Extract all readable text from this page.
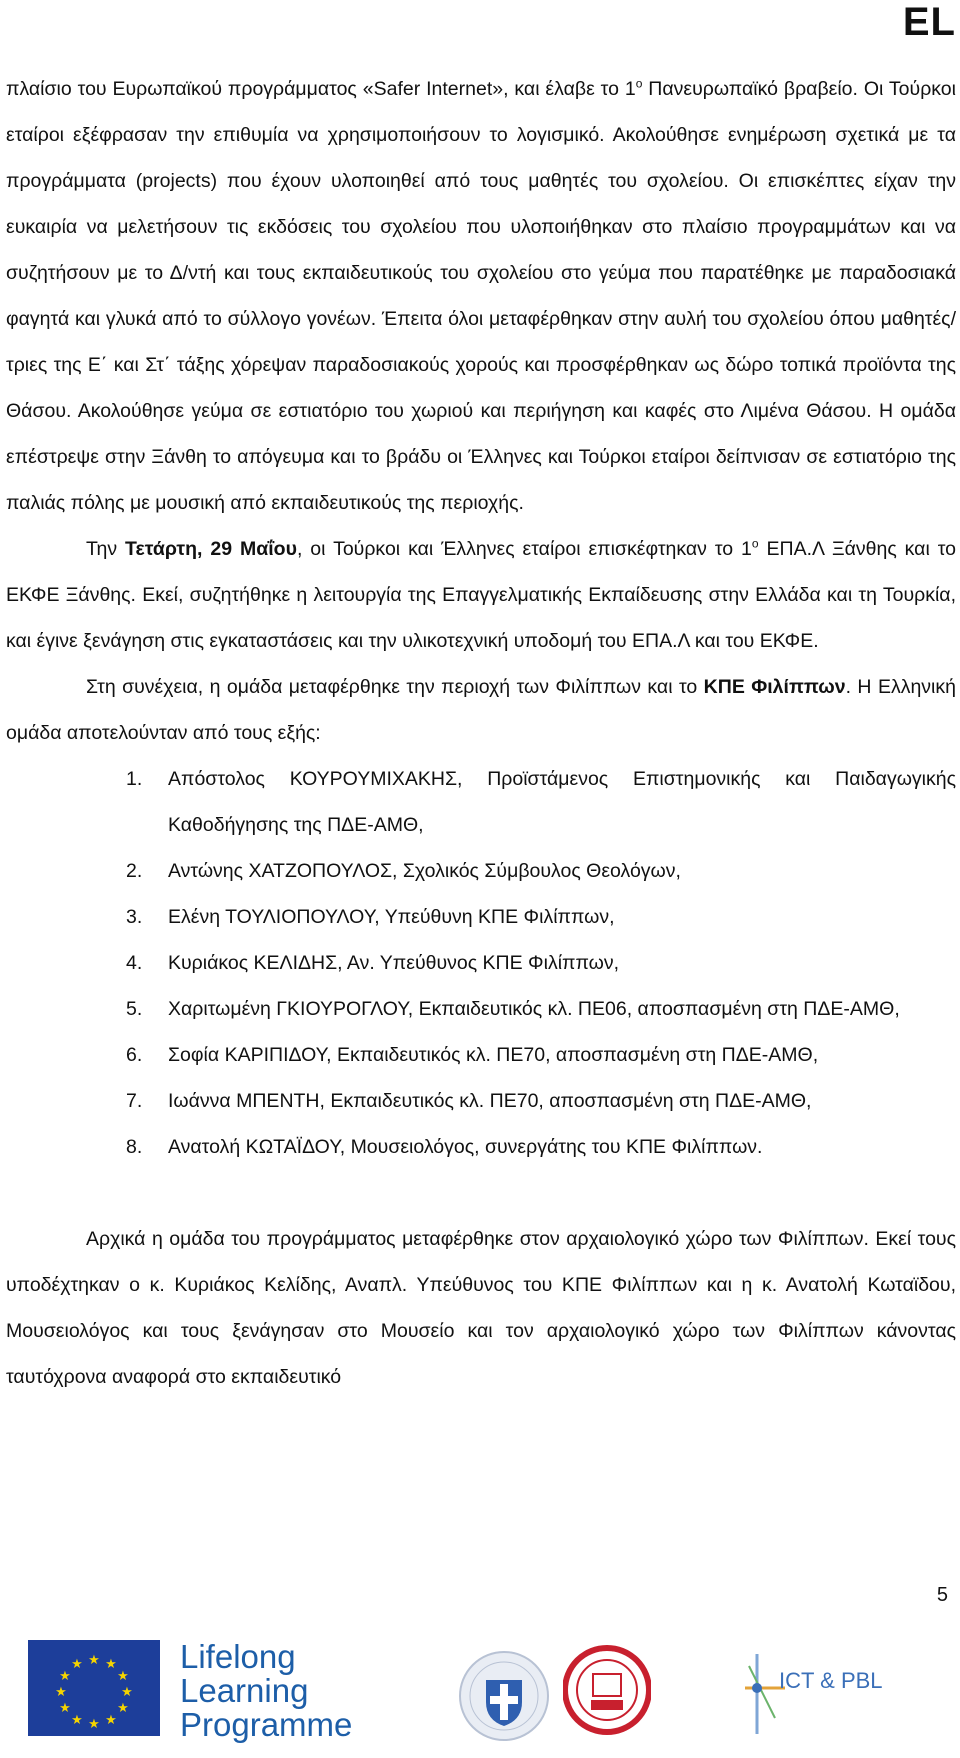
EL

πλαίσιο του Ευρωπαϊκού προγράμματος «Safer Internet», και έλαβε το $1^o$ Πανευρωπαϊκό βραβείο. Οι Τούρκοι εταίροι εξέφρασαν την επιθυμία να χρησιμοποιήσουν το λογισμικό. Ακολούθησε ενημέρωση σχετικά με τα προγράμματα (projects) που έχουν υλοποιηθεί από τους μαθητές του σχολείου. Οι επισκέπτες είχαν την ευκαιρία να μελετήσουν τις εκδόσεις του σχολείου που υλοποιήθηκαν στο πλαίσιο προγραμμάτων και να συζητήσουν με το Δ/ντή και τους εκπαιδευτικούς του σχολείου στο γεύμα που παρατέθηκε με παραδοσιακά φαγητά και γλυκά από το σύλλογο γονέων. Έπειτα όλοι μεταφέρθηκαν στην αυλή του σχολείου όπου μαθητές/τριες της Ε΄ και Στ΄ τάξης χόρεψαν παραδοσιακούς χορούς και προσφέρθηκαν ως δώρο τοπικά προϊόντα της Θάσου. Ακολούθησε γεύμα σε εστιατόριο του χωριού και περιήγηση και καφές στο Λιμένα Θάσου. Η ομάδα επέστρεψε στην Ξάνθη το απόγευμα και το βράδυ οι Έλληνες και Τούρκοι εταίροι δείπνισαν σε εστιατόριο της παλιάς πόλης με μουσική από εκπαιδευτικούς της περιοχής.

Την Τετάρτη, 29 Μαΐου, οι Τούρκοι και Έλληνες εταίροι επισκέφτηκαν το $1^o$ ΕΠΑ.Λ Ξάνθης και το ΕΚΦΕ Ξάνθης. Εκεί, συζητήθηκε η λειτουργία της Επαγγελματικής Εκπαίδευσης στην Ελλάδα και τη Τουρκία, και έγινε ξενάγηση στις εγκαταστάσεις και την υλικοτεχνική υποδομή του ΕΠΑ.Λ και του ΕΚΦΕ.

Στη συνέχεια, η ομάδα μεταφέρθηκε την περιοχή των Φιλίππων και το ΚΠΕ Φιλίππων. Η Ελληνική ομάδα αποτελούνταν από τους εξής:

1. Απόστολος ΚΟΥΡΟΥΜΙΧΑΚΗΣ, Προϊστάμενος Επιστημονικής και Παιδαγωγικής Καθοδήγησης της ΠΔΕ-ΑΜΘ,
2. Αντώνης ΧΑΤΖΟΠΟΥΛΟΣ, Σχολικός Σύμβουλος Θεολόγων,
3. Ελένη ΤΟΥΛΙΟΠΟΥΛΟΥ, Υπεύθυνη ΚΠΕ Φιλίππων,
4. Κυριάκος ΚΕΛΙΔΗΣ, Αν. Υπεύθυνος ΚΠΕ Φιλίππων,
5. Χαριτωμένη ΓΚΙΟΥΡΟΓΛΟΥ, Εκπαιδευτικός κλ. ΠΕ06, αποσπασμένη στη ΠΔΕ-ΑΜΘ,
6. Σοφία ΚΑΡΙΠΙΔΟΥ, Εκπαιδευτικός κλ. ΠΕ70, αποσπασμένη στη ΠΔΕ-ΑΜΘ,
7. Ιωάννα ΜΠΕΝΤΗ, Εκπαιδευτικός κλ. ΠΕ70, αποσπασμένη στη ΠΔΕ-ΑΜΘ,
8. Ανατολή ΚΩΤΑΪΔΟΥ, Μουσειολόγος, συνεργάτης του ΚΠΕ Φιλίππων.

Αρχικά η ομάδα του προγράμματος μεταφέρθηκε στον αρχαιολογικό χώρο των Φιλίππων. Εκεί τους υποδέχτηκαν ο κ. Κυριάκος Κελίδης, Αναπλ. Υπεύθυνος του ΚΠΕ Φιλίππων και η κ. Ανατολή Κωταϊδου, Μουσειολόγος και τους ξενάγησαν στο Μουσείο και τον αρχαιολογικό χώρο των Φιλίππων κάνοντας ταυτόχρονα αναφορά στο εκπαιδευτικό

5
★ ★
★
★
★
★
★
★
★
★
★
★	Lifelong
Learning
Programme
ICT & PBL
